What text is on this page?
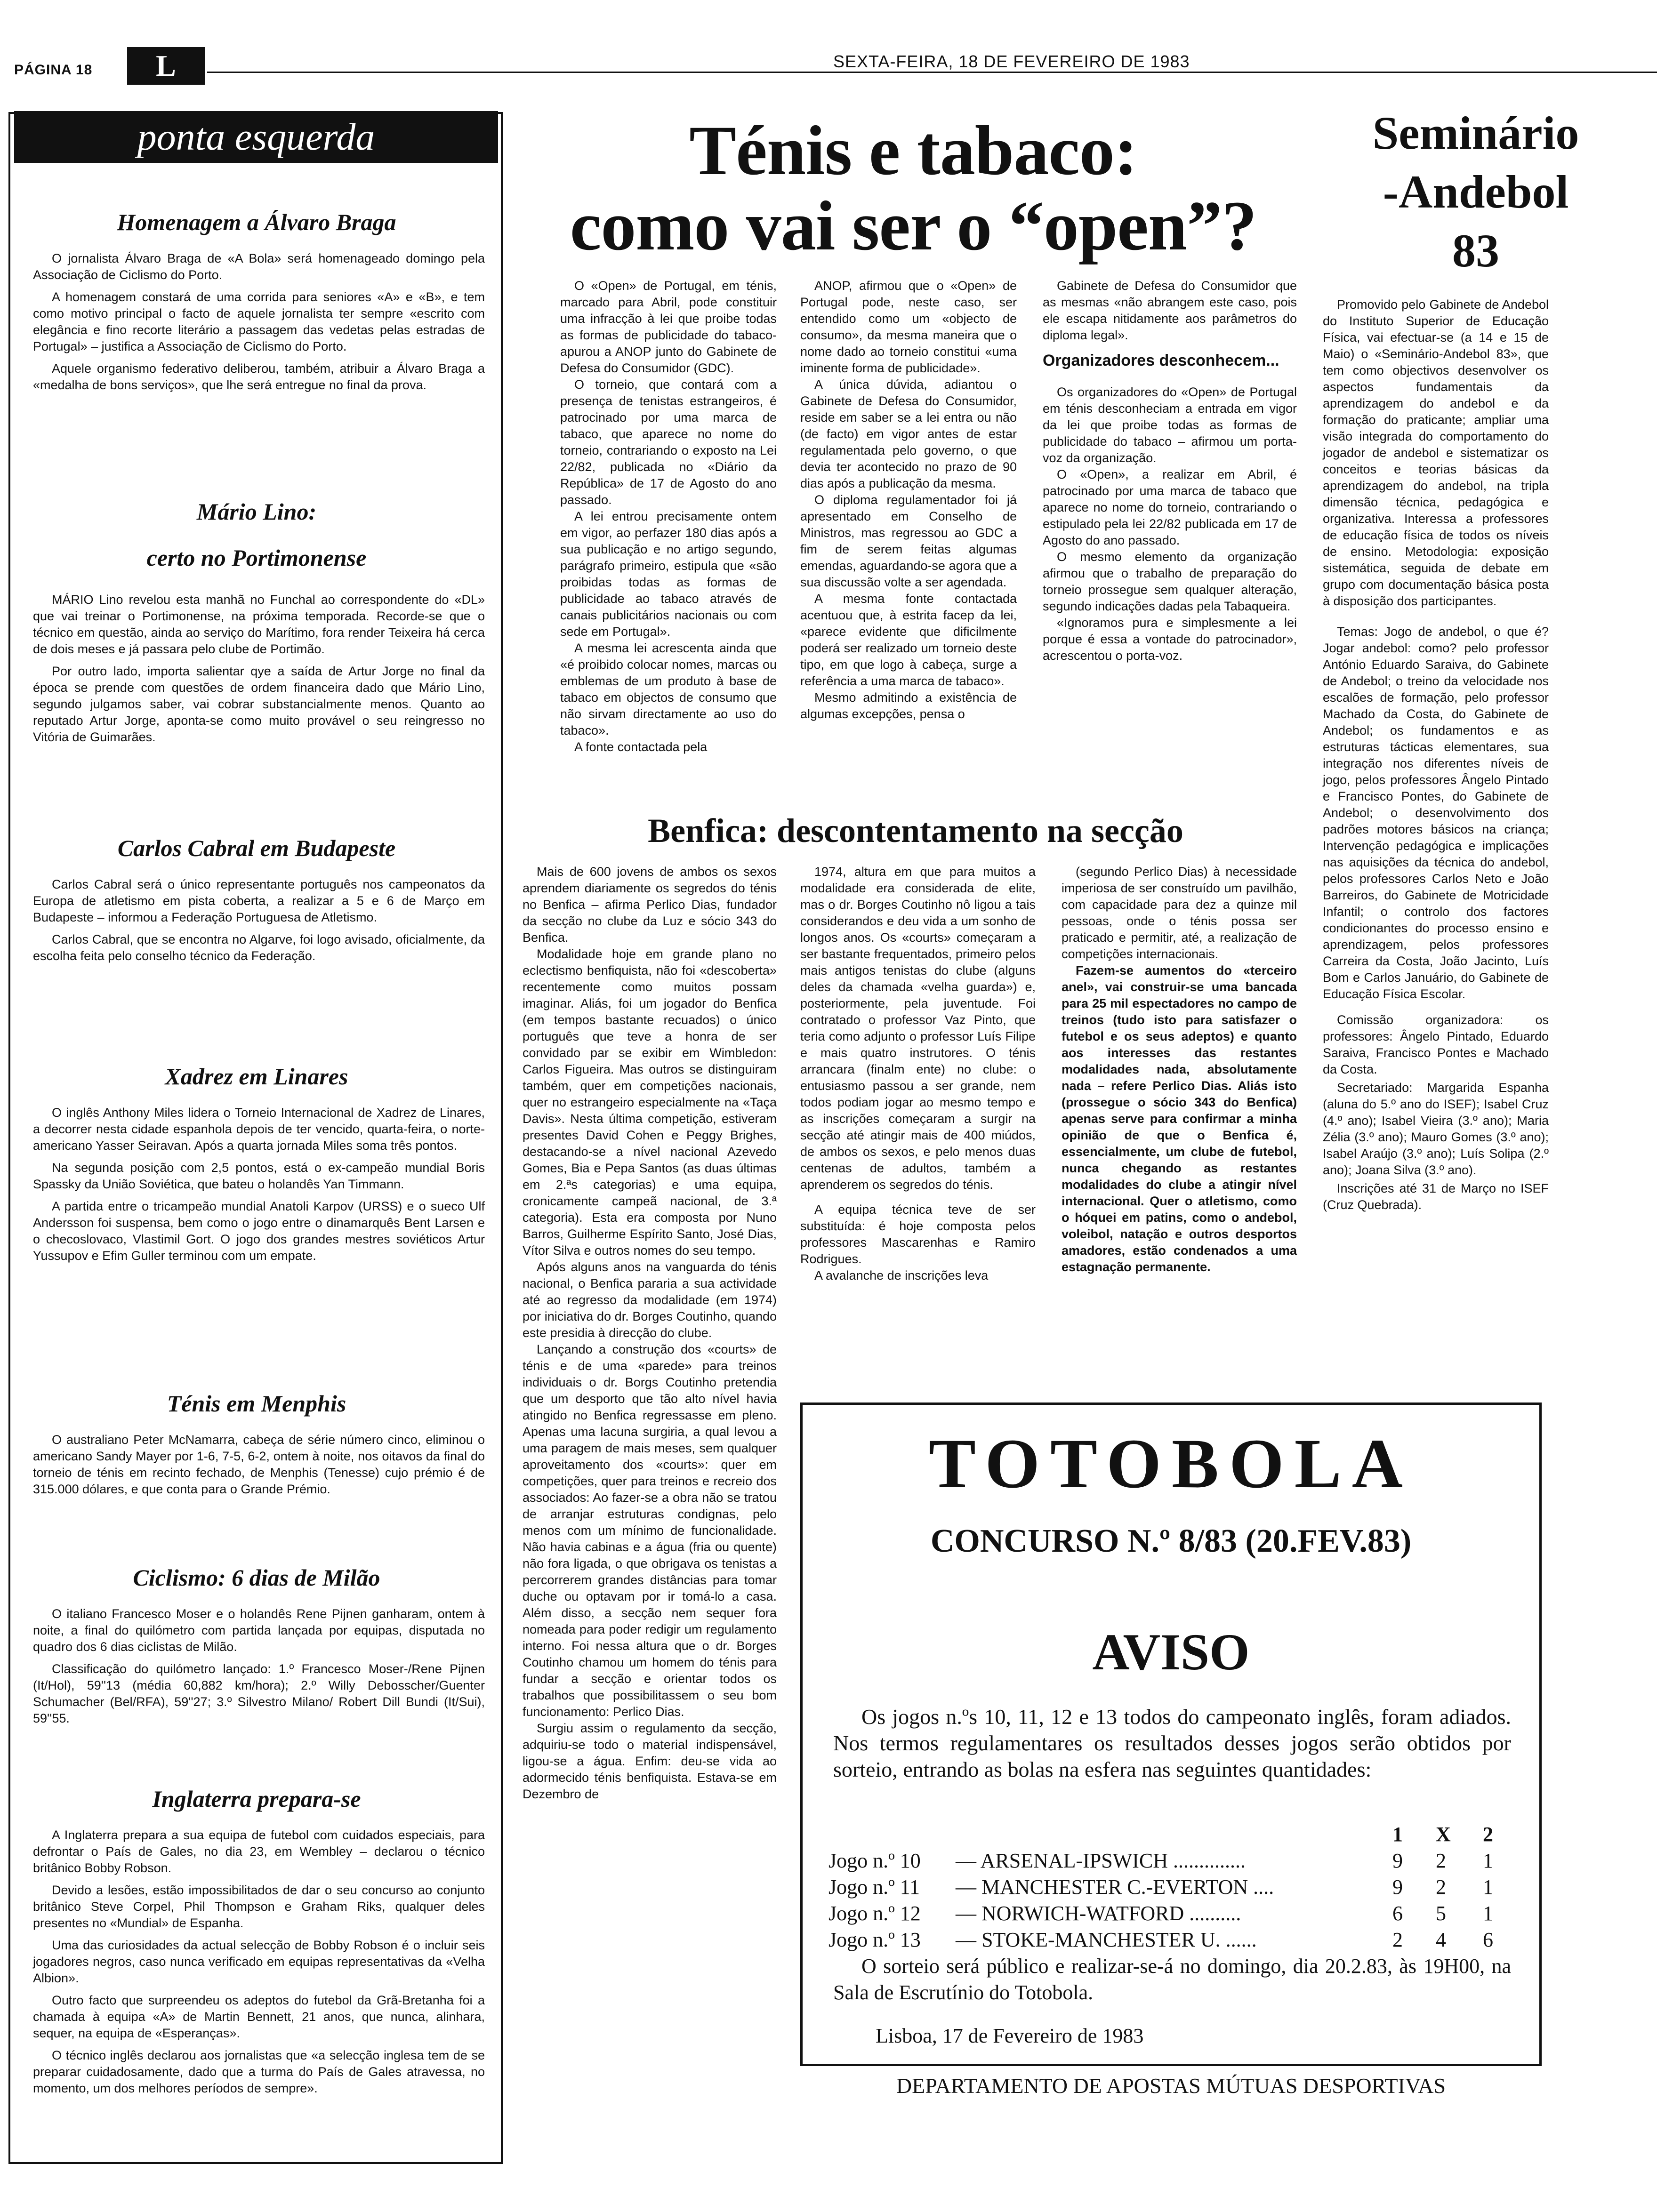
PÁGINA 18	L	SEXTA-FEIRA, 18 DE FEVEREIRO DE 1983
ponta esquerda
Homenagem a Álvaro Braga

O jornalista Álvaro Braga de «A Bola» será homenageado domingo pela Associação de Ciclismo do Porto.

A homenagem constará de uma corrida para seniores «A» e «B», e tem como motivo principal o facto de aquele jornalista ter sempre «escrito com elegância e fino recorte literário a passagem das vedetas pelas estradas de Portugal» – justifica a Associação de Ciclismo do Porto.

Aquele organismo federativo deliberou, também, atribuir a Álvaro Braga a «medalha de bons serviços», que lhe será entregue no final da prova.

Mário Lino:
certo no Portimonense

MÁRIO Lino revelou esta manhã no Funchal ao correspondente do «DL» que vai treinar o Portimonense, na próxima temporada. Recorde-se que o técnico em questão, ainda ao serviço do Marítimo, fora render Teixeira há cerca de dois meses e já passara pelo clube de Portimão.

Por outro lado, importa salientar qye a saída de Artur Jorge no final da época se prende com questões de ordem financeira dado que Mário Lino, segundo julgamos saber, vai cobrar substancialmente menos. Quanto ao reputado Artur Jorge, aponta-se como muito provável o seu reingresso no Vitória de Guimarães.

Carlos Cabral em Budapeste

Carlos Cabral será o único representante português nos campeonatos da Europa de atletismo em pista coberta, a realizar a 5 e 6 de Março em Budapeste – informou a Federação Portuguesa de Atletismo.

Carlos Cabral, que se encontra no Algarve, foi logo avisado, oficialmente, da escolha feita pelo conselho técnico da Federação.

Xadrez em Linares

O inglês Anthony Miles lidera o Torneio Internacional de Xadrez de Linares, a decorrer nesta cidade espanhola depois de ter vencido, quarta-feira, o norte-americano Yasser Seiravan. Após a quarta jornada Miles soma três pontos.

Na segunda posição com 2,5 pontos, está o ex-campeão mundial Boris Spassky da União Soviética, que bateu o holandês Yan Timmann.

A partida entre o tricampeão mundial Anatoli Karpov (URSS) e o sueco Ulf Andersson foi suspensa, bem como o jogo entre o dinamarquês Bent Larsen e o checoslovaco, Vlastimil Gort. O jogo dos grandes mestres soviéticos Artur Yussupov e Efim Guller terminou com um empate.

Ténis em Menphis

O australiano Peter McNamarra, cabeça de série número cinco, eliminou o americano Sandy Mayer por 1-6, 7-5, 6-2, ontem à noite, nos oitavos da final do torneio de ténis em recinto fechado, de Menphis (Tenesse) cujo prémio é de 315.000 dólares, e que conta para o Grande Prémio.

Ciclismo: 6 dias de Milão

O italiano Francesco Moser e o holandês Rene Pijnen ganharam, ontem à noite, a final do quilómetro com partida lançada por equipas, disputada no quadro dos 6 dias ciclistas de Milão.

Classificação do quilómetro lançado: 1.º Francesco Moser-/Rene Pijnen (It/Hol), 59''13 (média 60,882 km/hora); 2.º Willy Debosscher/Guenter Schumacher (Bel/RFA), 59''27; 3.º Silvestro Milano/ Robert Dill Bundi (It/Sui), 59''55.

Inglaterra prepara-se

A Inglaterra prepara a sua equipa de futebol com cuidados especiais, para defrontar o País de Gales, no dia 23, em Wembley – declarou o técnico britânico Bobby Robson.

Devido a lesões, estão impossibilitados de dar o seu concurso ao conjunto britânico Steve Corpel, Phil Thompson e Graham Riks, qualquer deles presentes no «Mundial» de Espanha.

Uma das curiosidades da actual selecção de Bobby Robson é o incluir seis jogadores negros, caso nunca verificado em equipas representativas da «Velha Albion».

Outro facto que surpreendeu os adeptos do futebol da Grã-Bretanha foi a chamada à equipa «A» de Martin Bennett, 21 anos, que nunca, alinhara, sequer, na equipa de «Esperanças».

O técnico inglês declarou aos jornalistas que «a selecção inglesa tem de se preparar cuidadosamente, dado que a turma do País de Gales atravessa, no momento, um dos melhores períodos de sempre».

Ténis e tabaco:
como vai ser o “open”?

O «Open» de Portugal, em ténis, marcado para Abril, pode constituir uma infracção à lei que proibe todas as formas de publicidade do tabaco-apurou a ANOP junto do Gabinete de Defesa do Consumidor (GDC).

O torneio, que contará com a presença de tenistas estrangeiros, é patrocinado por uma marca de tabaco, que aparece no nome do torneio, contrariando o exposto na Lei 22/82, publicada no «Diário da República» de 17 de Agosto do ano passado.

A lei entrou precisamente ontem em vigor, ao perfazer 180 dias após a sua publicação e no artigo segundo, parágrafo primeiro, estipula que «são proibidas todas as formas de publicidade ao tabaco através de canais publicitários nacionais ou com sede em Portugal».

A mesma lei acrescenta ainda que «é proibido colocar nomes, marcas ou emblemas de um produto à base de tabaco em objectos de consumo que não sirvam directamente ao uso do tabaco».

A fonte contactada pela

ANOP, afirmou que o «Open» de Portugal pode, neste caso, ser entendido como um «objecto de consumo», da mesma maneira que o nome dado ao torneio constitui «uma iminente forma de publicidade».

A única dúvida, adiantou o Gabinete de Defesa do Consumidor, reside em saber se a lei entra ou não (de facto) em vigor antes de estar regulamentada pelo governo, o que devia ter acontecido no prazo de 90 dias após a publicação da mesma.

O diploma regulamentador foi já apresentado em Conselho de Ministros, mas regressou ao GDC a fim de serem feitas algumas emendas, aguardando-se agora que a sua discussão volte a ser agendada.

A mesma fonte contactada acentuou que, à estrita facep da lei, «parece evidente que dificilmente poderá ser realizado um torneio deste tipo, em que logo à cabeça, surge a referência a uma marca de tabaco».

Mesmo admitindo a existência de algumas excepções, pensa o

Gabinete de Defesa do Consumidor que as mesmas «não abrangem este caso, pois ele escapa nitidamente aos parâmetros do diploma legal».

Organizadores desconhecem...

Os organizadores do «Open» de Portugal em ténis desconheciam a entrada em vigor da lei que proibe todas as formas de publicidade do tabaco – afirmou um porta-voz da organização.

O «Open», a realizar em Abril, é patrocinado por uma marca de tabaco que aparece no nome do torneio, contrariando o estipulado pela lei 22/82 publicada em 17 de Agosto do ano passado.

O mesmo elemento da organização afirmou que o trabalho de preparação do torneio prossegue sem qualquer alteração, segundo indicações dadas pela Tabaqueira.

«Ignoramos pura e simplesmente a lei porque é essa a vontade do patrocinador», acrescentou o porta-voz.

Seminário
-Andebol
83

Promovido pelo Gabinete de Andebol do Instituto Superior de Educação Física, vai efectuar-se (a 14 e 15 de Maio) o «Seminário-Andebol 83», que tem como objectivos desenvolver os aspectos fundamentais da aprendizagem do andebol e da formação do praticante; ampliar uma visão integrada do comportamento do jogador de andebol e sistematizar os conceitos e teorias básicas da aprendizagem do andebol, na tripla dimensão técnica, pedagógica e organizativa. Interessa a professores de educação física de todos os níveis de ensino. Metodologia: exposição sistemática, seguida de debate em grupo com documentação básica posta à disposição dos participantes.

Temas: Jogo de andebol, o que é? Jogar andebol: como? pelo professor António Eduardo Saraiva, do Gabinete de Andebol; o treino da velocidade nos escalões de formação, pelo professor Machado da Costa, do Gabinete de Andebol; os fundamentos e as estruturas tácticas elementares, sua integração nos diferentes níveis de jogo, pelos professores Ângelo Pintado e Francisco Pontes, do Gabinete de Andebol; o desenvolvimento dos padrões motores básicos na criança; Intervenção pedagógica e implicações nas aquisições da técnica do andebol, pelos professores Carlos Neto e João Barreiros, do Gabinete de Motricidade Infantil; o controlo dos factores condicionantes do processo ensino e aprendizagem, pelos professores Carreira da Costa, João Jacinto, Luís Bom e Carlos Januário, do Gabinete de Educação Física Escolar.

Comissão organizadora: os professores: Ângelo Pintado, Eduardo Saraiva, Francisco Pontes e Machado da Costa.

Secretariado: Margarida Espanha (aluna do 5.º ano do ISEF); Isabel Cruz (4.º ano); Isabel Vieira (3.º ano); Maria Zélia (3.º ano); Mauro Gomes (3.º ano); Isabel Araújo (3.º ano); Luís Solipa (2.º ano); Joana Silva (3.º ano).

Inscrições até 31 de Março no ISEF (Cruz Quebrada).

Benfica: descontentamento na secção

Mais de 600 jovens de ambos os sexos aprendem diariamente os segredos do ténis no Benfica – afirma Perlico Dias, fundador da secção no clube da Luz e sócio 343 do Benfica.

Modalidade hoje em grande plano no eclectismo benfiquista, não foi «descoberta» recentemente como muitos possam imaginar. Aliás, foi um jogador do Benfica (em tempos bastante recuados) o único português que teve a honra de ser convidado par se exibir em Wimbledon: Carlos Figueira. Mas outros se distinguiram também, quer em competições nacionais, quer no estrangeiro especialmente na «Taça Davis». Nesta última competição, estiveram presentes David Cohen e Peggy Brighes, destacando-se a nível nacional Azevedo Gomes, Bia e Pepa Santos (as duas últimas em 2.ªs categorias) e uma equipa, cronicamente campeã nacional, de 3.ª categoria). Esta era composta por Nuno Barros, Guilherme Espírito Santo, José Dias, Vítor Silva e outros nomes do seu tempo.

Após alguns anos na vanguarda do ténis nacional, o Benfica pararia a sua actividade até ao regresso da modalidade (em 1974) por iniciativa do dr. Borges Coutinho, quando este presidia à direcção do clube.

Lançando a construção dos «courts» de ténis e de uma «parede» para treinos individuais o dr. Borgs Coutinho pretendia que um desporto que tão alto nível havia atingido no Benfica regressasse em pleno. Apenas uma lacuna surgiria, a qual levou a uma paragem de mais meses, sem qualquer aproveitamento dos «courts»: quer em competições, quer para treinos e recreio dos associados: Ao fazer-se a obra não se tratou de arranjar estruturas condignas, pelo menos com um mínimo de funcionalidade. Não havia cabinas e a água (fria ou quente) não fora ligada, o que obrigava os tenistas a percorrerem grandes distâncias para tomar duche ou optavam por ir tomá-lo a casa. Além disso, a secção nem sequer fora nomeada para poder redigir um regulamento interno. Foi nessa altura que o dr. Borges Coutinho chamou um homem do ténis para fundar a secção e orientar todos os trabalhos que possibilitassem o seu bom funcionamento: Perlico Dias.

Surgiu assim o regulamento da secção, adquiriu-se todo o material indispensável, ligou-se a água. Enfim: deu-se vida ao adormecido ténis benfiquista. Estava-se em Dezembro de

1974, altura em que para muitos a modalidade era considerada de elite, mas o dr. Borges Coutinho nô ligou a tais considerandos e deu vida a um sonho de longos anos. Os «courts» começaram a ser bastante frequentados, primeiro pelos mais antigos tenistas do clube (alguns deles da chamada «velha guarda») e, posteriormente, pela juventude. Foi contratado o professor Vaz Pinto, que teria como adjunto o professor Luís Filipe e mais quatro instrutores. O ténis arrancara (finalm ente) no clube: o entusiasmo passou a ser grande, nem todos podiam jogar ao mesmo tempo e as inscrições começaram a surgir na secção até atingir mais de 400 miúdos, de ambos os sexos, e pelo menos duas centenas de adultos, também a aprenderem os segredos do ténis.

A equipa técnica teve de ser substituída: é hoje composta pelos professores Mascarenhas e Ramiro Rodrigues.

A avalanche de inscrições leva

(segundo Perlico Dias) à necessidade imperiosa de ser construído um pavilhão, com capacidade para dez a quinze mil pessoas, onde o ténis possa ser praticado e permitir, até, a realização de competições internacionais.

Fazem-se aumentos do «terceiro anel», vai construir-se uma bancada para 25 mil espectadores no campo de treinos (tudo isto para satisfazer o futebol e os seus adeptos) e quanto aos interesses das restantes modalidades nada, absolutamente nada – refere Perlico Dias. Aliás isto (prossegue o sócio 343 do Benfica) apenas serve para confirmar a minha opinião de que o Benfica é, essencialmente, um clube de futebol, nunca chegando as restantes modalidades do clube a atingir nível internacional. Quer o atletismo, como o hóquei em patins, como o andebol, voleibol, natação e outros desportos amadores, estão condenados a uma estagnação permanente.

TOTOBOLA
CONCURSO N.º 8/83 (20.FEV.83)
AVISO
Os jogos n.ºs 10, 11, 12 e 13 todos do campeonato inglês, foram adiados. Nos termos regulamentares os resultados desses jogos serão obtidos por sorteio, entrando as bolas na esfera nas seguintes quantidades:
1 X 2
Jogo n.º 10 — ARSENAL-IPSWICH ..............	9 2 1
Jogo n.º 11 — MANCHESTER C.-EVERTON ....	9 2 1
Jogo n.º 12 — NORWICH-WATFORD ..........	6 5 1
Jogo n.º 13 — STOKE-MANCHESTER U. ......	2 4 6
O sorteio será público e realizar-se-á no domingo, dia 20.2.83, às 19H00, na Sala de Escrutínio do Totobola.
Lisboa, 17 de Fevereiro de 1983
DEPARTAMENTO DE APOSTAS MÚTUAS DESPORTIVAS
